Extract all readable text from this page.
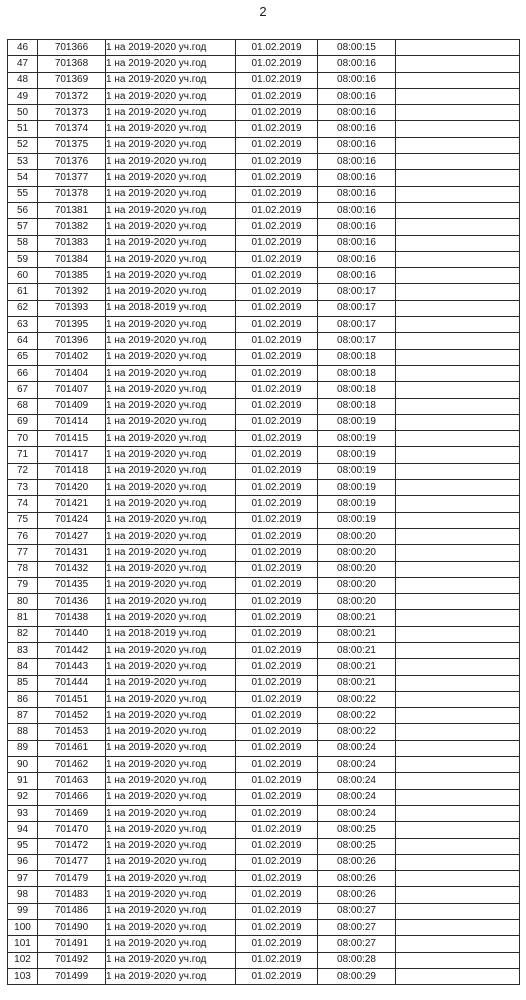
2
46	701366	1 на 2019-2020 уч.год	01.02.2019	08:00:15	
47	701368	1 на 2019-2020 уч.год	01.02.2019	08:00:16	
48	701369	1 на 2019-2020 уч.год	01.02.2019	08:00:16	
49	701372	1 на 2019-2020 уч.год	01.02.2019	08:00:16	
50	701373	1 на 2019-2020 уч.год	01.02.2019	08:00:16	
51	701374	1 на 2019-2020 уч.год	01.02.2019	08:00:16	
52	701375	1 на 2019-2020 уч.год	01.02.2019	08:00:16	
53	701376	1 на 2019-2020 уч.год	01.02.2019	08:00:16	
54	701377	1 на 2019-2020 уч.год	01.02.2019	08:00:16	
55	701378	1 на 2019-2020 уч.год	01.02.2019	08:00:16	
56	701381	1 на 2019-2020 уч.год	01.02.2019	08:00:16	
57	701382	1 на 2019-2020 уч.год	01.02.2019	08:00:16	
58	701383	1 на 2019-2020 уч.год	01.02.2019	08:00:16	
59	701384	1 на 2019-2020 уч.год	01.02.2019	08:00:16	
60	701385	1 на 2019-2020 уч.год	01.02.2019	08:00:16	
61	701392	1 на 2019-2020 уч.год	01.02.2019	08:00:17	
62	701393	1 на 2018-2019 уч.год	01.02.2019	08:00:17	
63	701395	1 на 2019-2020 уч.год	01.02.2019	08:00:17	
64	701396	1 на 2019-2020 уч.год	01.02.2019	08:00:17	
65	701402	1 на 2019-2020 уч.год	01.02.2019	08:00:18	
66	701404	1 на 2019-2020 уч.год	01.02.2019	08:00:18	
67	701407	1 на 2019-2020 уч.год	01.02.2019	08:00:18	
68	701409	1 на 2019-2020 уч.год	01.02.2019	08:00:18	
69	701414	1 на 2019-2020 уч.год	01.02.2019	08:00:19	
70	701415	1 на 2019-2020 уч.год	01.02.2019	08:00:19	
71	701417	1 на 2019-2020 уч.год	01.02.2019	08:00:19	
72	701418	1 на 2019-2020 уч.год	01.02.2019	08:00:19	
73	701420	1 на 2019-2020 уч.год	01.02.2019	08:00:19	
74	701421	1 на 2019-2020 уч.год	01.02.2019	08:00:19	
75	701424	1 на 2019-2020 уч.год	01.02.2019	08:00:19	
76	701427	1 на 2019-2020 уч.год	01.02.2019	08:00:20	
77	701431	1 на 2019-2020 уч.год	01.02.2019	08:00:20	
78	701432	1 на 2019-2020 уч.год	01.02.2019	08:00:20	
79	701435	1 на 2019-2020 уч.год	01.02.2019	08:00:20	
80	701436	1 на 2019-2020 уч.год	01.02.2019	08:00:20	
81	701438	1 на 2019-2020 уч.год	01.02.2019	08:00:21	
82	701440	1 на 2018-2019 уч.год	01.02.2019	08:00:21	
83	701442	1 на 2019-2020 уч.год	01.02.2019	08:00:21	
84	701443	1 на 2019-2020 уч.год	01.02.2019	08:00:21	
85	701444	1 на 2019-2020 уч.год	01.02.2019	08:00:21	
86	701451	1 на 2019-2020 уч.год	01.02.2019	08:00:22	
87	701452	1 на 2019-2020 уч.год	01.02.2019	08:00:22	
88	701453	1 на 2019-2020 уч.год	01.02.2019	08:00:22	
89	701461	1 на 2019-2020 уч.год	01.02.2019	08:00:24	
90	701462	1 на 2019-2020 уч.год	01.02.2019	08:00:24	
91	701463	1 на 2019-2020 уч.год	01.02.2019	08:00:24	
92	701466	1 на 2019-2020 уч.год	01.02.2019	08:00:24	
93	701469	1 на 2019-2020 уч.год	01.02.2019	08:00:24	
94	701470	1 на 2019-2020 уч.год	01.02.2019	08:00:25	
95	701472	1 на 2019-2020 уч.год	01.02.2019	08:00:25	
96	701477	1 на 2019-2020 уч.год	01.02.2019	08:00:26	
97	701479	1 на 2019-2020 уч.год	01.02.2019	08:00:26	
98	701483	1 на 2019-2020 уч.год	01.02.2019	08:00:26	
99	701486	1 на 2019-2020 уч.год	01.02.2019	08:00:27	
100	701490	1 на 2019-2020 уч.год	01.02.2019	08:00:27	
101	701491	1 на 2019-2020 уч.год	01.02.2019	08:00:27	
102	701492	1 на 2019-2020 уч.год	01.02.2019	08:00:28	
103	701499	1 на 2019-2020 уч.год	01.02.2019	08:00:29	
